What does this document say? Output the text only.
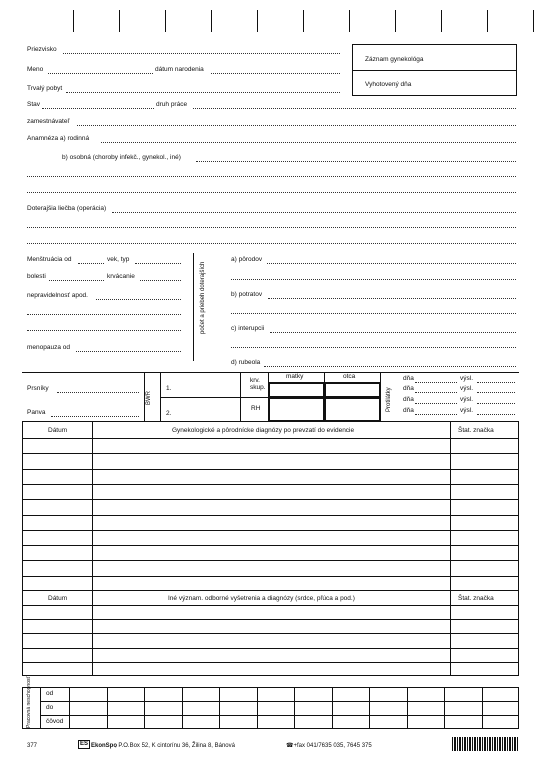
Priezvisko
Meno	dátum narodenia
Trvalý pobyt
Záznam gynekológa
Vyhotovený dňa
Stav	druh práce
zamestnávateľ
Anamnéza a) rodinná
b) osobná (choroby infekč., gynekol., iné)
Doterajšia liečba (operácia)
Menštruácia od	vek, typ
bolesti	krvácanie
nepravidelnosť apod.
menopauza od
počet a priebeh doterajších
a) pôrodov
b) potratov
c) interupcii
d) rubeola
Prsníky
Panva
BWR
1.
2.
krv. skup.
RH
matky	otca
Protilátky
dňa	výsl.
dňa	výsl.
dňa	výsl.
dňa	výsl.
Dátum	Gynekologické a pôrodnícke diagnózy po prevzatí do evidencie	Štat. značka
Dátum	Iné význam. odborné vyšetrenia a diagnózy (srdce, pľúca a pod.)	Štat. značka
Pracovná neschopnosť od
do
čôvod
377	ES EkonSpo
, P.O.Box 52, K cintorínu 36, Žilina 8, Bánová	☎+fax 041/7635 035, 7645 375
